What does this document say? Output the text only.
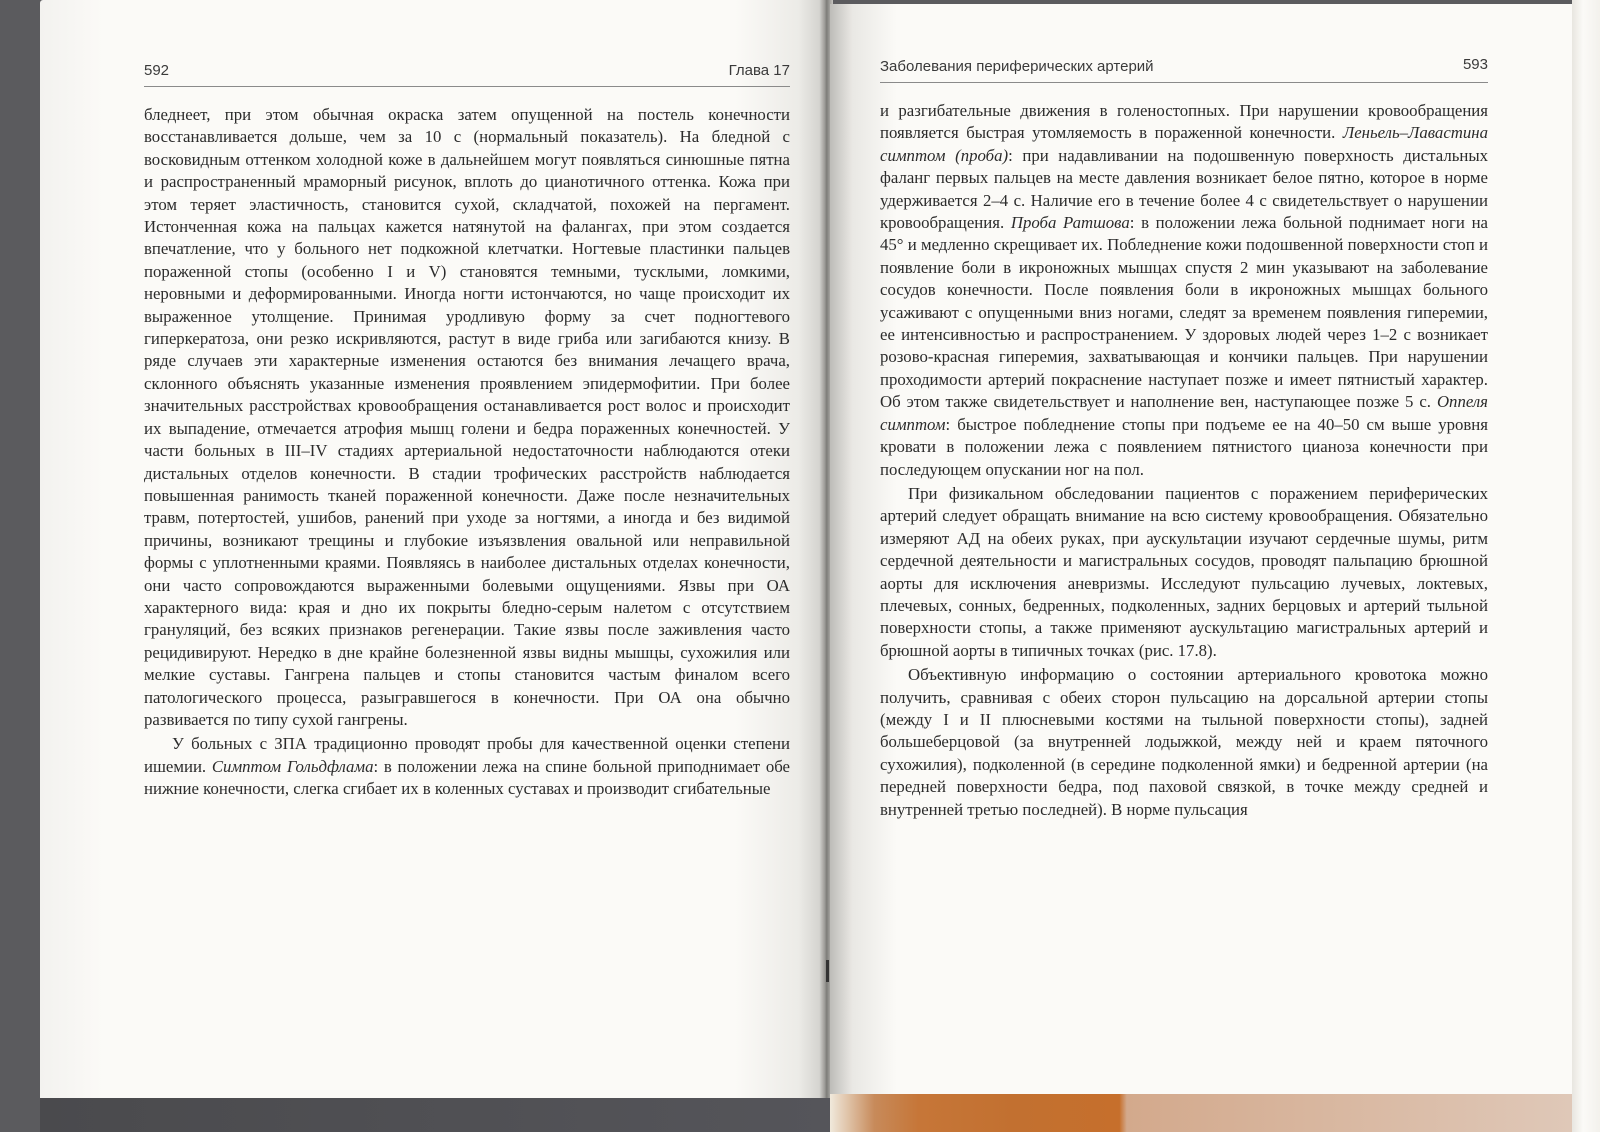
592	Глава 17

бледнеет, при этом обычная окраска затем опущенной на постель конечности восстанавливается дольше, чем за 10 с (нормальный показатель). На бледной с восковидным оттенком холодной коже в дальнейшем могут появляться синюшные пятна и распространенный мраморный рисунок, вплоть до цианотичного оттенка. Кожа при этом теряет эластичность, становится сухой, складчатой, похожей на пергамент. Истонченная кожа на пальцах кажется натянутой на фалангах, при этом создается впечатление, что у больного нет подкожной клетчатки. Ногтевые пластинки пальцев пораженной стопы (особенно I и V) становятся темными, тусклыми, ломкими, неровными и деформированными. Иногда ногти истончаются, но чаще происходит их выраженное утолщение. Принимая уродливую форму за счет подногтевого гиперкератоза, они резко искривляются, растут в виде гриба или загибаются книзу. В ряде случаев эти характерные изменения остаются без внимания лечащего врача, склонного объяснять указанные изменения проявлением эпидермофитии. При более значительных расстройствах кровообращения останавливается рост волос и происходит их выпадение, отмечается атрофия мышц голени и бедра пораженных конечностей. У части больных в III–IV стадиях артериальной недостаточности наблюдаются отеки дистальных отделов конечности. В стадии трофических расстройств наблюдается повышенная ранимость тканей пораженной конечности. Даже после незначительных травм, потертостей, ушибов, ранений при уходе за ногтями, а иногда и без видимой причины, возникают трещины и глубокие изъязвления овальной или неправильной формы с уплотненными краями. Появляясь в наиболее дистальных отделах конечности, они часто сопровождаются выраженными болевыми ощущениями. Язвы при ОА характерного вида: края и дно их покрыты бледно-серым налетом с отсутствием грануляций, без всяких признаков регенерации. Такие язвы после заживления часто рецидивируют. Нередко в дне крайне болезненной язвы видны мышцы, сухожилия или мелкие суставы. Гангрена пальцев и стопы становится частым финалом всего патологического процесса, разыгравшегося в конечности. При ОА она обычно развивается по типу сухой гангрены.

У больных с ЗПА традиционно проводят пробы для качественной оценки степени ишемии. Симптом Гольдфлама: в положении лежа на спине больной приподнимает обе нижние конечности, слегка сгибает их в коленных суставах и производит сгибательные

Заболевания периферических артерий	593

и разгибательные движения в голеностопных. При нарушении кровообращения появляется быстрая утомляемость в пораженной конечности. Леньель–Лавастина симптом (проба): при надавливании на подошвенную поверхность дистальных фаланг первых пальцев на месте давления возникает белое пятно, которое в норме удерживается 2–4 с. Наличие его в течение более 4 с свидетельствует о нарушении кровообращения. Проба Ратшова: в положении лежа больной поднимает ноги на 45° и медленно скрещивает их. Побледнение кожи подошвенной поверхности стоп и появление боли в икроножных мышцах спустя 2 мин указывают на заболевание сосудов конечности. После появления боли в икроножных мышцах больного усаживают с опущенными вниз ногами, следят за временем появления гиперемии, ее интенсивностью и распространением. У здоровых людей через 1–2 с возникает розово-красная гиперемия, захватывающая и кончики пальцев. При нарушении проходимости артерий покраснение наступает позже и имеет пятнистый характер. Об этом также свидетельствует и наполнение вен, наступающее позже 5 с. Оппеля симптом: быстрое побледнение стопы при подъеме ее на 40–50 см выше уровня кровати в положении лежа с появлением пятнистого цианоза конечности при последующем опускании ног на пол.

При физикальном обследовании пациентов с поражением периферических артерий следует обращать внимание на всю систему кровообращения. Обязательно измеряют АД на обеих руках, при аускультации изучают сердечные шумы, ритм сердечной деятельности и магистральных сосудов, проводят пальпацию брюшной аорты для исключения аневризмы. Исследуют пульсацию лучевых, локтевых, плечевых, сонных, бедренных, подколенных, задних берцовых и артерий тыльной поверхности стопы, а также применяют аускультацию магистральных артерий и брюшной аорты в типичных точках (рис. 17.8).

Объективную информацию о состоянии артериального кровотока можно получить, сравнивая с обеих сторон пульсацию на дорсальной артерии стопы (между I и II плюсневыми костями на тыльной поверхности стопы), задней большеберцовой (за внутренней лодыжкой, между ней и краем пяточного сухожилия), подколенной (в середине подколенной ямки) и бедренной артерии (на передней поверхности бедра, под паховой связкой, в точке между средней и внутренней третью последней). В норме пульсация
